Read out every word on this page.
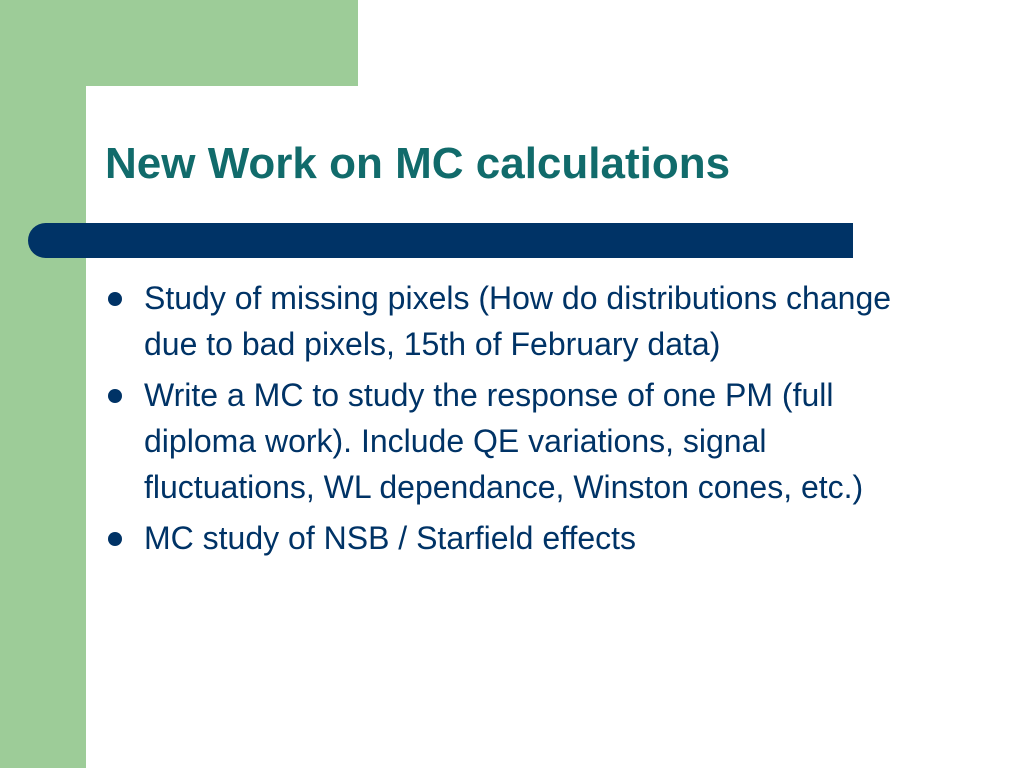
New Work on MC calculations
Study of missing pixels (How do distributions change due to bad pixels, 15th of February data)
Write a MC to study the response of one PM (full diploma work). Include QE variations, signal fluctuations, WL dependance, Winston cones, etc.)
MC study of NSB / Starfield effects
